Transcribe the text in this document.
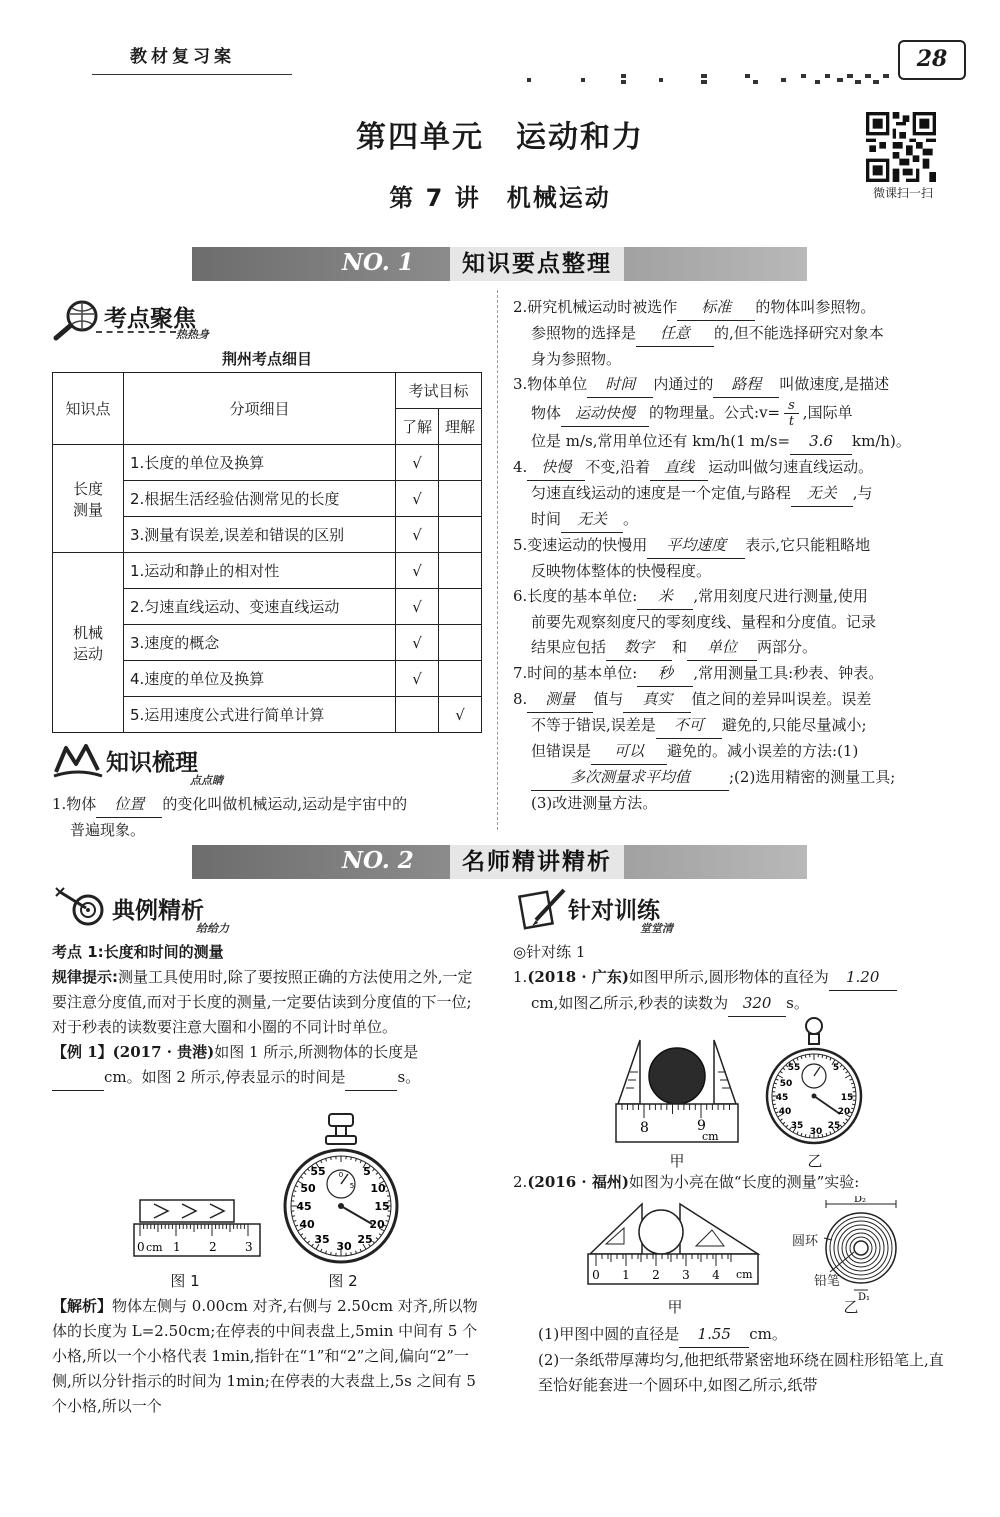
教材复习案	28
第四单元　运动和力
第 7 讲　机械运动	微课扫一扫
NO. 1	知识要点整理
考点聚焦
热热身
荆州考点细目
知识点	分项细目	考试目标	
		了解	理解
长度
测量	1.长度的单位及换算	√	
	2.根据生活经验估测常见的长度	√	
	3.测量有误差,误差和错误的区别	√	
机械
运动	1.运动和静止的相对性	√	
	2.匀速直线运动、变速直线运动	√	
	3.速度的概念	√	
	4.速度的单位及换算	√	
	5.运用速度公式进行简单计算		√
知识梳理
点点睛
1.物体 位置 的变化叫做机械运动,运动是宇宙中的
普遍现象。
2.研究机械运动时被选作 标准 的物体叫参照物。
参照物的选择是 任意 的,但不能选择研究对象本
身为参照物。
3.物体单位 时间 内通过的 路程 叫做速度,是描述
物体 运动快慢 的物理量。公式:v= $\frac{s}{t}$ ,国际单
位是 m/s,常用单位还有 km/h(1 m/s= 3.6 km/h)。
4. 快慢 不变,沿着 直线 运动叫做匀速直线运动。
匀速直线运动的速度是一个定值,与路程 无关 ,与
时间 无关 。
5.变速运动的快慢用 平均速度 表示,它只能粗略地
反映物体整体的快慢程度。
6.长度的基本单位: 米 ,常用刻度尺进行测量,使用
前要先观察刻度尺的零刻度线、量程和分度值。记录
结果应包括 数字 和 单位 两部分。
7.时间的基本单位: 秒 ,常用测量工具:秒表、钟表。
8. 测量 值与 真实 值之间的差异叫误差。误差
不等于错误,误差是 不可 避免的,只能尽量减小;
但错误是 可以 避免的。减小误差的方法:(1)
多次测量求平均值	;(2)选用精密的测量工具;
(3)改进测量方法。
NO. 2	名师精讲精析
典例精析
给给力
考点 1:长度和时间的测量
规律提示:测量工具使用时,除了要按照正确的方法使用之外,一定要注意分度值,而对于长度的测量,一定要估读到分度值的下一位;对于秒表的读数要注意大圈和小圈的不同计时单位。
【例 1】(2017 · 贵港)如图 1 所示,所测物体的长度是
cm。如图 2 所示,停表显示的时间是	s。
0 cm 1 2 3
图 1
5
10
15
20
25
30
35
40
45
50
55 0
5
图 2
【解析】物体左侧与 0.00cm 对齐,右侧与 2.50cm 对齐,所以物体的长度为 L=2.50cm;在停表的中间表盘上,5min 中间有 5 个小格,所以一个小格代表 1min,指针在“1”和“2”之间,偏向“2”一侧,所以分针指示的时间为 1min;在停表的大表盘上,5s 之间有 5 个小格,所以一个
针对训练
堂堂清
◎针对练 1
1.(2018 · 广东)如图甲所示,圆形物体的直径为 1.20
cm,如图乙所示,秒表的读数为 320 s。
8	9
cm
甲
5
15
20
25
30
35
40
45
50
55
乙
2.(2016 · 福州)如图为小亮在做“长度的测量”实验:
0 1 2 3 4 cm
甲
D₂
D₁
圆环
铅笔
乙
(1)甲图中圆的直径是 1.55 cm。
(2)一条纸带厚薄均匀,他把纸带紧密地环绕在圆柱形铅笔上,直至恰好能套进一个圆环中,如图乙所示,纸带
